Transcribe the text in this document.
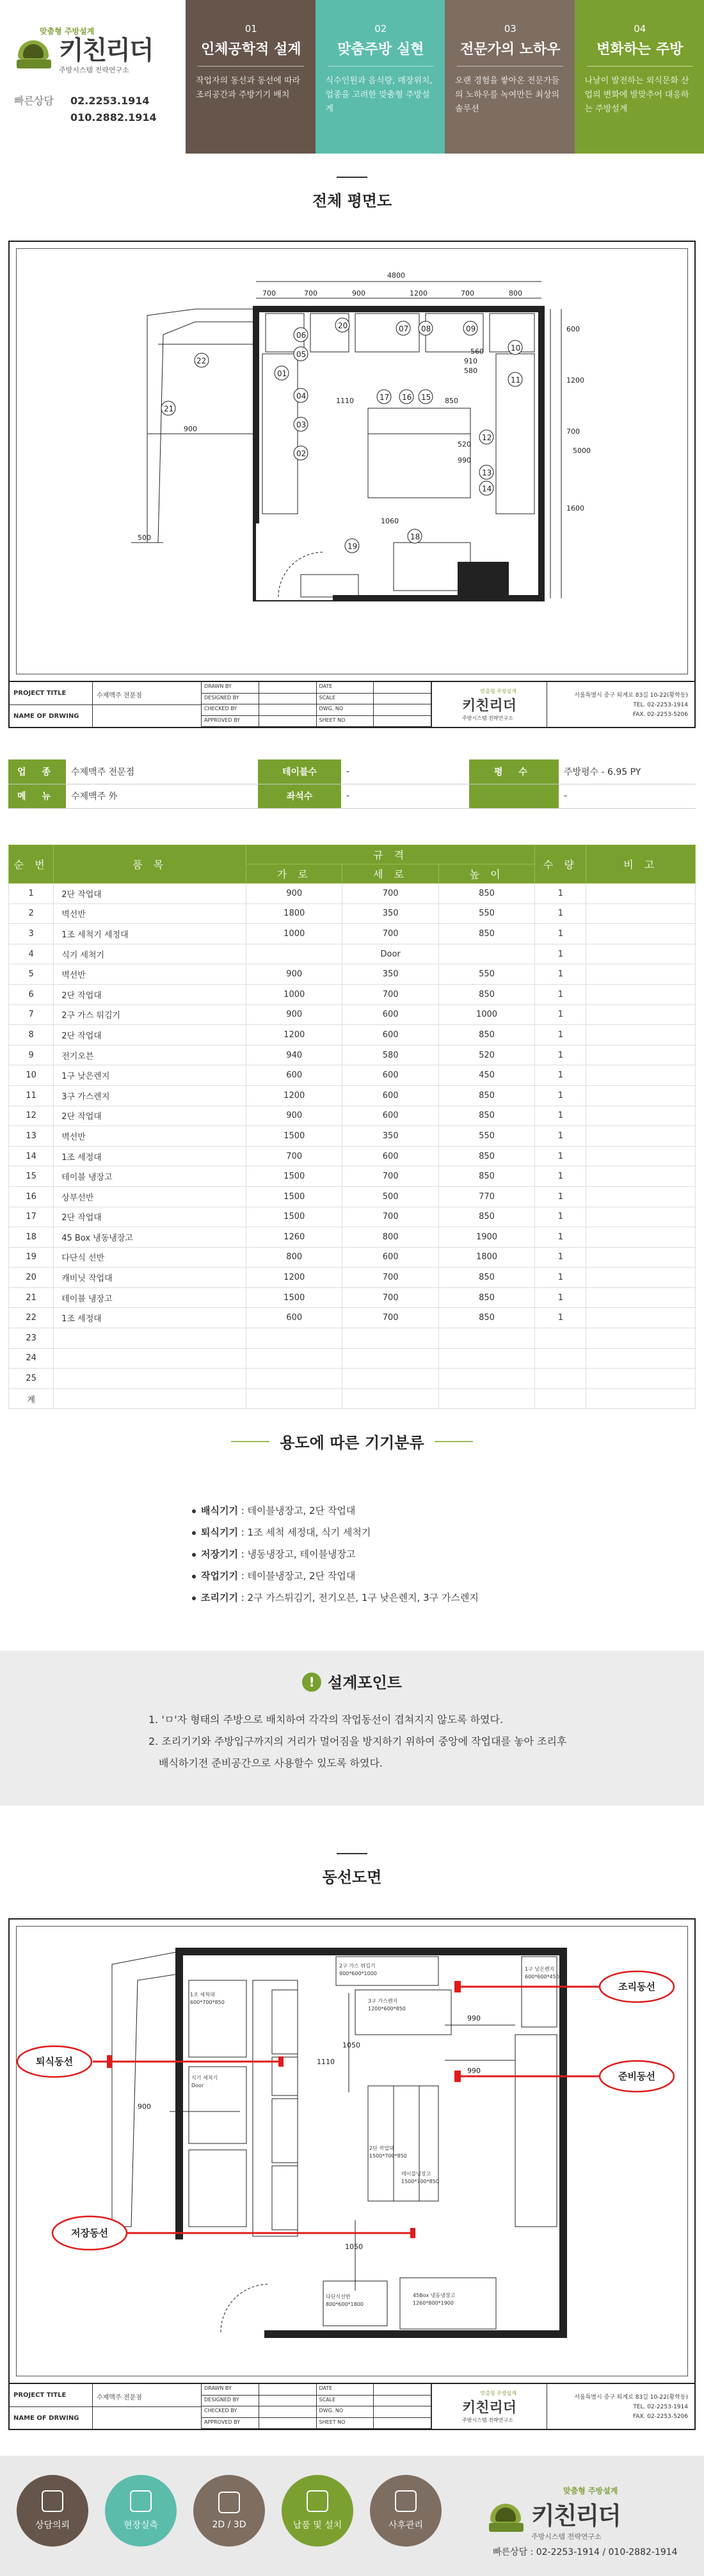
맞춤형 주방설계
키친리더
주방시스템 전략연구소
빠른상담	02.2253.1914
010.2882.1914
01
인체공학적 설계
작업자의 동선과 동선에 따라 조리공간과 주방기기 배치
02
맞춤주방 실현
식수인원과 음식량, 매장위치, 업종을 고려한 맞춤형 주방설계
03
전문가의 노하우
오랜 경험을 쌓아온 전문가들의 노하우를 녹여만든 최상의 솔루션
04
변화하는 주방
나날이 발전하는 외식문화 산업의 변화에 발맞추어 대응하는 주방설계
전체 평면도
4800
700	700	900	1200	700	800
600
1200
700
1600
5000
1110	850
520
990
910
580
560
900
500
1060
06
05
01
04
03
02
21
22
07 08	09
10
11
12
13
14
15
16
17
18
19
20
PROJECT TITLE	수제맥주 전문점
NAME OF DRWING
DRAWN BY	DATE
DESIGNED BY	SCALE
CHECKED BY	DWG. NO
APPROVED BY	SHEET NO
맞춤형 주방설계
키친리더
주방시스템 전략연구소
서울특별시 중구 퇴계로 83길 10-22(황학동)
TEL. 02-2253-1914
FAX. 02-2253-5206
업 종	수제맥주 전문점	테이블수	-	평 수	주방평수 - 6.95 PY
메 뉴	수제맥주 外	좌석수	-		-
순 번	품 목	규 격			수 량	비 고
		가 로	세 로	높 이		
1	2단 작업대	900	700	850	1	
2	벽선반	1800	350	550	1	
3	1조 세척기 세정대	1000	700	850	1	
4	식기 세척기		Door		1	
5	벽선반	900	350	550	1	
6	2단 작업대	1000	700	850	1	
7	2구 가스 튀김기	900	600	1000	1	
8	2단 작업대	1200	600	850	1	
9	전기오븐	940	580	520	1	
10	1구 낮은렌지	600	600	450	1	
11	3구 가스렌지	1200	600	850	1	
12	2단 작업대	900	600	850	1	
13	벽선반	1500	350	550	1	
14	1조 세정대	700	600	850	1	
15	테이블 냉장고	1500	700	850	1	
16	상부선반	1500	500	770	1	
17	2단 작업대	1500	700	850	1	
18	45 Box 냉동냉장고	1260	800	1900	1	
19	다단식 선반	800	600	1800	1	
20	캐비닛 작업대	1200	700	850	1	
21	테이블 냉장고	1500	700	850	1	
22	1조 세정대	600	700	850	1	
23						
24						
25						
계						
용도에 따른 기기분류
배식기기 : 테이블냉장고, 2단 작업대
퇴식기기 : 1조 세척 세정대, 식기 세척기
저장기기 : 냉동냉장고, 테이블냉장고
작업기기 : 테이블냉장고, 2단 작업대
조리기기 : 2구 가스튀김기, 전기오븐, 1구 낮은렌지, 3구 가스렌지
! 설계포인트
1. 'ㅁ'자 형태의 주방으로 배치하여 각각의 작업동선이 겹쳐지지 않도록 하였다.
2. 조리기기와 주방입구까지의 거리가 멀어짐을 방지하기 위하여 중앙에 작업대를 놓아 조리후
배식하기전 준비공간으로 사용할수 있도록 하였다.
동선도면
1조 세척대
600*700*850
2구 가스 튀김기
900*600*1000
3구 가스렌지
1200*600*850
1구 낮은렌지
600*600*450
식기 세척기
Door
2단 작업대
1500*700*850
테이블냉장고
1500*700*850
다단식선반
800*600*1800
45Box 냉동냉장고
1260*800*1900
700
1110
990
990
900
1050
1050
퇴식동선
조리동선
준비동선
저장동선
PROJECT TITLE	수제맥주 전문점
NAME OF DRWING
DRAWN BY	DATE
DESIGNED BY	SCALE
CHECKED BY	DWG. NO
APPROVED BY	SHEET NO
맞춤형 주방설계
키친리더
주방시스템 전략연구소
서울특별시 중구 퇴계로 83길 10-22(황학동)
TEL. 02-2253-1914
FAX. 02-2253-5206
상담의뢰	현장실측	2D / 3D	납품 및 설치	사후관리
맞춤형 주방설계
키친리더
주방시스템 전략연구소
빠른상담 : 02-2253-1914 / 010-2882-1914
